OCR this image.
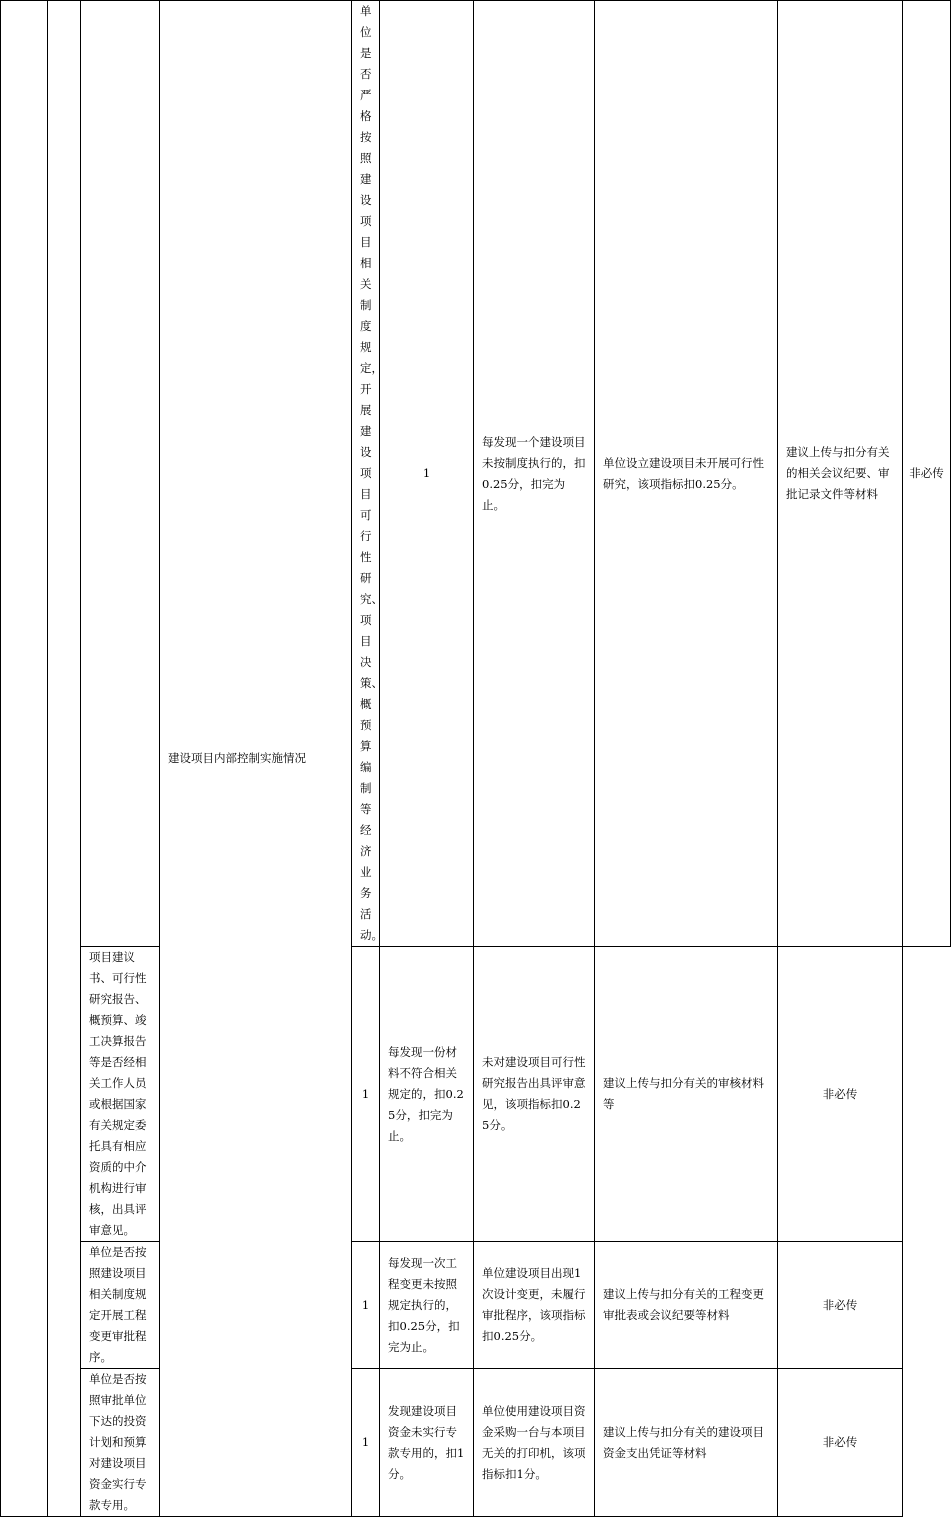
			建设项目内部控制实施情况	单位是否严格按照建设项目相关制度规定，开展建设项目可行性研究、项目决策、概预算编制等经济业务活动。	1	每发现一个建设项目未按制度执行的，扣0.25分，扣完为止。	单位设立建设项目未开展可行性研究，该项指标扣0.25分。	建议上传与扣分有关的相关会议纪要、审批记录文件等材料	非必传
		项目建议书、可行性研究报告、概预算、竣工决算报告等是否经相关工作人员或根据国家有关规定委托具有相应资质的中介机构进行审核，出具评审意见。		1	每发现一份材料不符合相关规定的，扣0.25分，扣完为止。	未对建设项目可行性研究报告出具评审意见，该项指标扣0.25分。	建议上传与扣分有关的审核材料等	非必传	
		单位是否按照建设项目相关制度规定开展工程变更审批程序。		1	每发现一次工程变更未按照规定执行的，扣0.25分，扣完为止。	单位建设项目出现1次设计变更，未履行审批程序，该项指标扣0.25分。	建议上传与扣分有关的工程变更审批表或会议纪要等材料	非必传	
		单位是否按照审批单位下达的投资计划和预算对建设项目资金实行专款专用。		1	发现建设项目资金未实行专款专用的，扣1分。	单位使用建设项目资金采购一台与本项目无关的打印机，该项指标扣1分。	建议上传与扣分有关的建设项目资金支出凭证等材料	非必传	
